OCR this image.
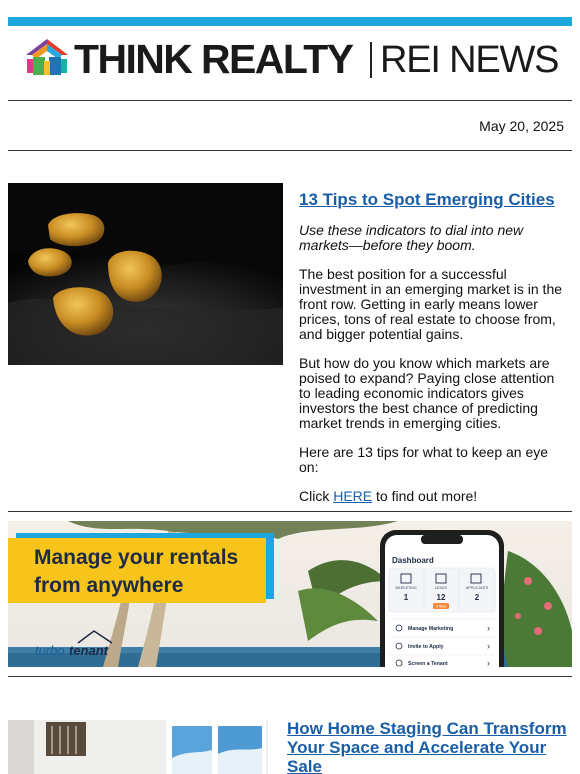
THINK REALTY REI NEWS
May 20, 2025
13 Tips to Spot Emerging Cities

Use these indicators to dial into new markets—before they boom.

The best position for a successful investment in an emerging market is in the front row. Getting in early means lower prices, tons of real estate to choose from, and bigger potential gains.

But how do you know which markets are poised to expand? Paying close attention to leading economic indicators gives investors the best chance of predicting market trends in emerging cities.

Here are 13 tips for what to keep an eye on:

Click HERE to find out more!

Manage your rentals
from anywhere
turbo tenant
Dashboard
MARKETING	LEADS	APPLICANTS
1	12	2
3 New
Manage Marketing	›
Invite to Apply	›
Screen a Tenant	›
How Home Staging Can Transform Your Space and Accelerate Your Sale
